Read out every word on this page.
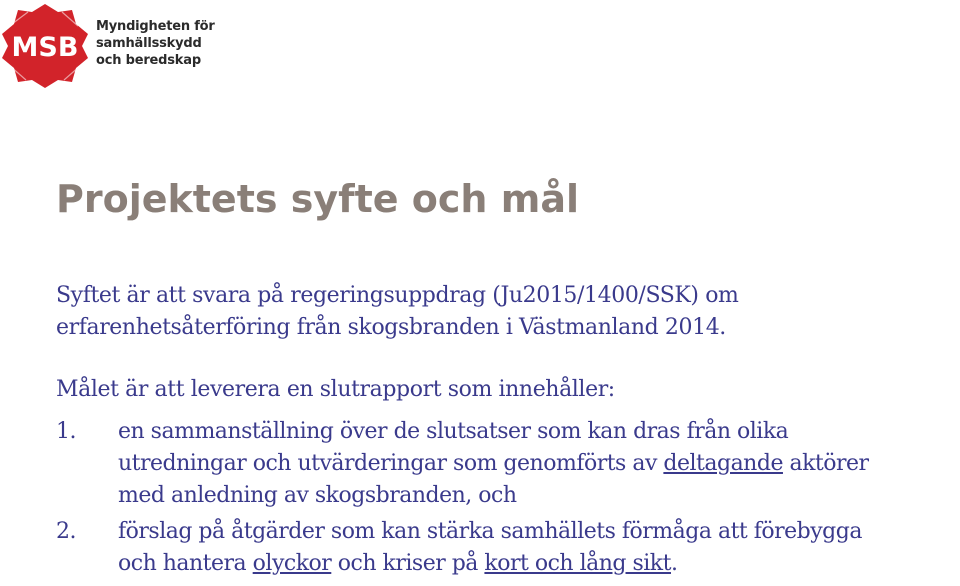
MSB
Myndigheten för
samhällsskydd
och beredskap
Projektets syfte och mål
Syftet är att svara på regeringsuppdrag (Ju2015/1400/SSK) om
erfarenhetsåterföring från skogsbranden i Västmanland 2014.
Målet är att leverera en slutrapport som innehåller:
1. en sammanställning över de slutsatser som kan dras från olika
utredningar och utvärderingar som genomförts av deltagande aktörer
med anledning av skogsbranden, och
2. förslag på åtgärder som kan stärka samhällets förmåga att förebygga
och hantera olyckor och kriser på kort och lång sikt.
